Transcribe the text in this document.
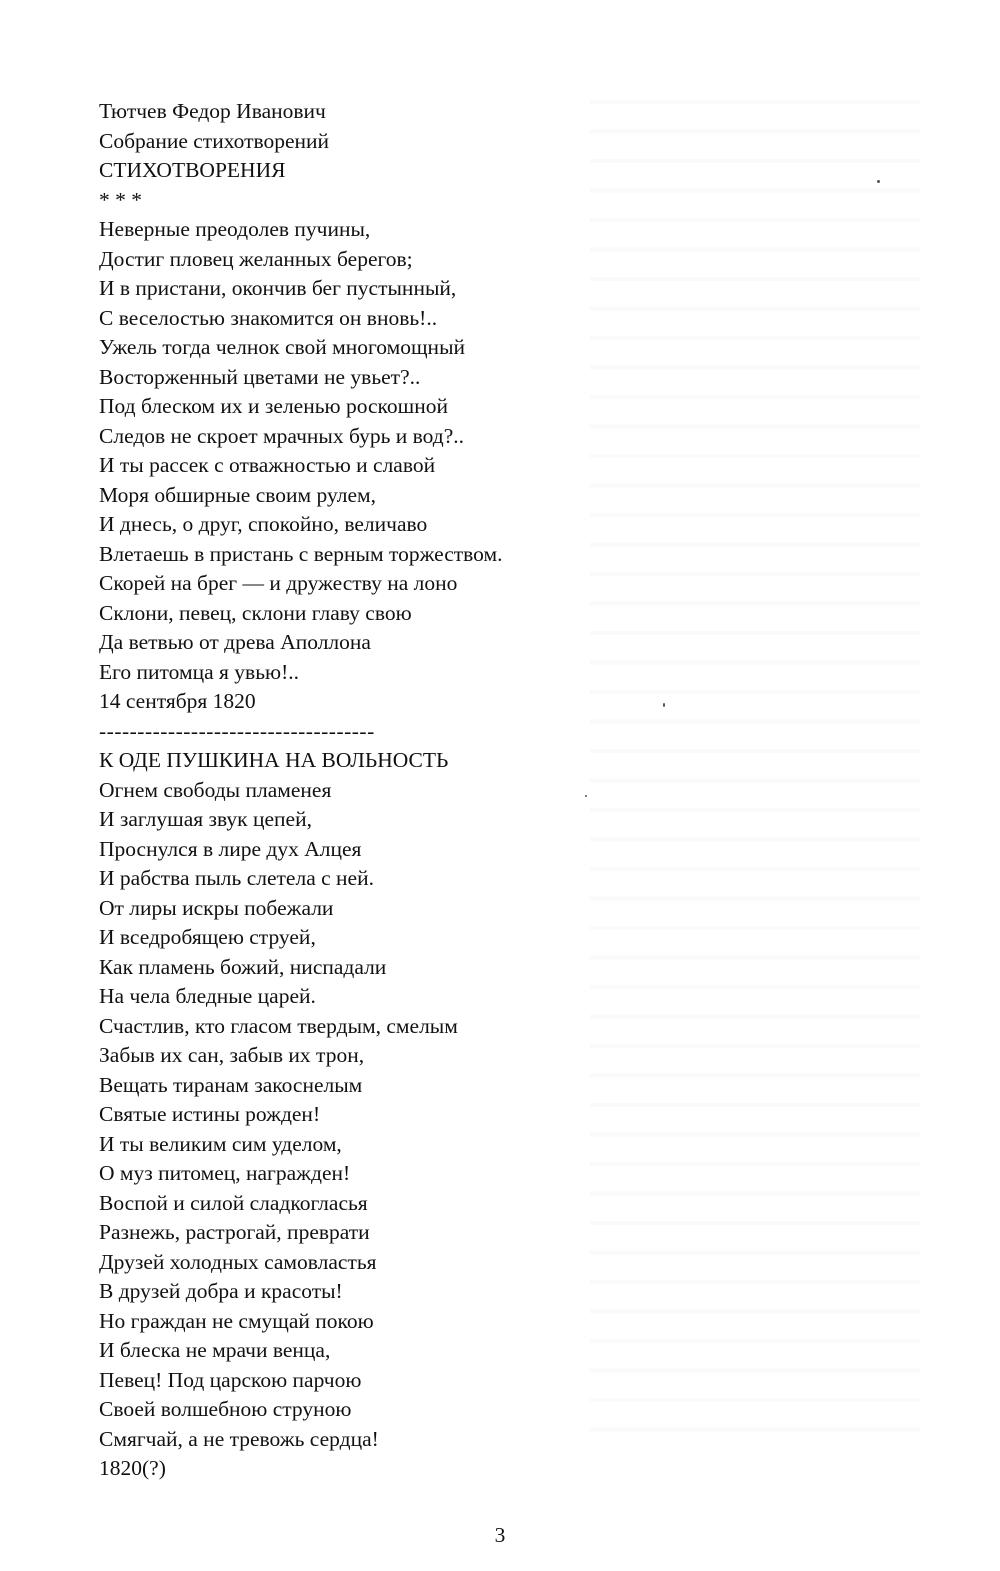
Тютчев Федор Иванович
Собрание стихотворений
СТИХОТВОРЕНИЯ
* * *
Неверные преодолев пучины,
Достиг пловец желанных берегов;
И в пристани, окончив бег пустынный,
С веселостью знакомится он вновь!..
Ужель тогда челнок свой многомощный
Восторженный цветами не увьет?..
Под блеском их и зеленью роскошной
Следов не скроет мрачных бурь и вод?..
И ты рассек с отважностью и славой
Моря обширные своим рулем,
И днесь, о друг, спокойно, величаво
Влетаешь в пристань с верным торжеством.
Скорей на брег — и дружеству на лоно
Склони, певец, склони главу свою
Да ветвью от древа Аполлона
Его питомца я увью!..
14 сентября 1820
------------------------------------
К ОДЕ ПУШКИНА НА ВОЛЬНОСТЬ
Огнем свободы пламенея
И заглушая звук цепей,
Проснулся в лире дух Алцея
И рабства пыль слетела с ней.
От лиры искры побежали
И вседробящею струей,
Как пламень божий, ниспадали
На чела бледные царей.
Счастлив, кто гласом твердым, смелым
Забыв их сан, забыв их трон,
Вещать тиранам закоснелым
Святые истины рожден!
И ты великим сим уделом,
О муз питомец, награжден!
Воспой и силой сладкогласья
Разнежь, растрогай, преврати
Друзей холодных самовластья
В друзей добра и красоты!
Но граждан не смущай покою
И блеска не мрачи венца,
Певец! Под царскою парчою
Своей волшебною струною
Смягчай, а не тревожь сердца!
1820(?)
3
